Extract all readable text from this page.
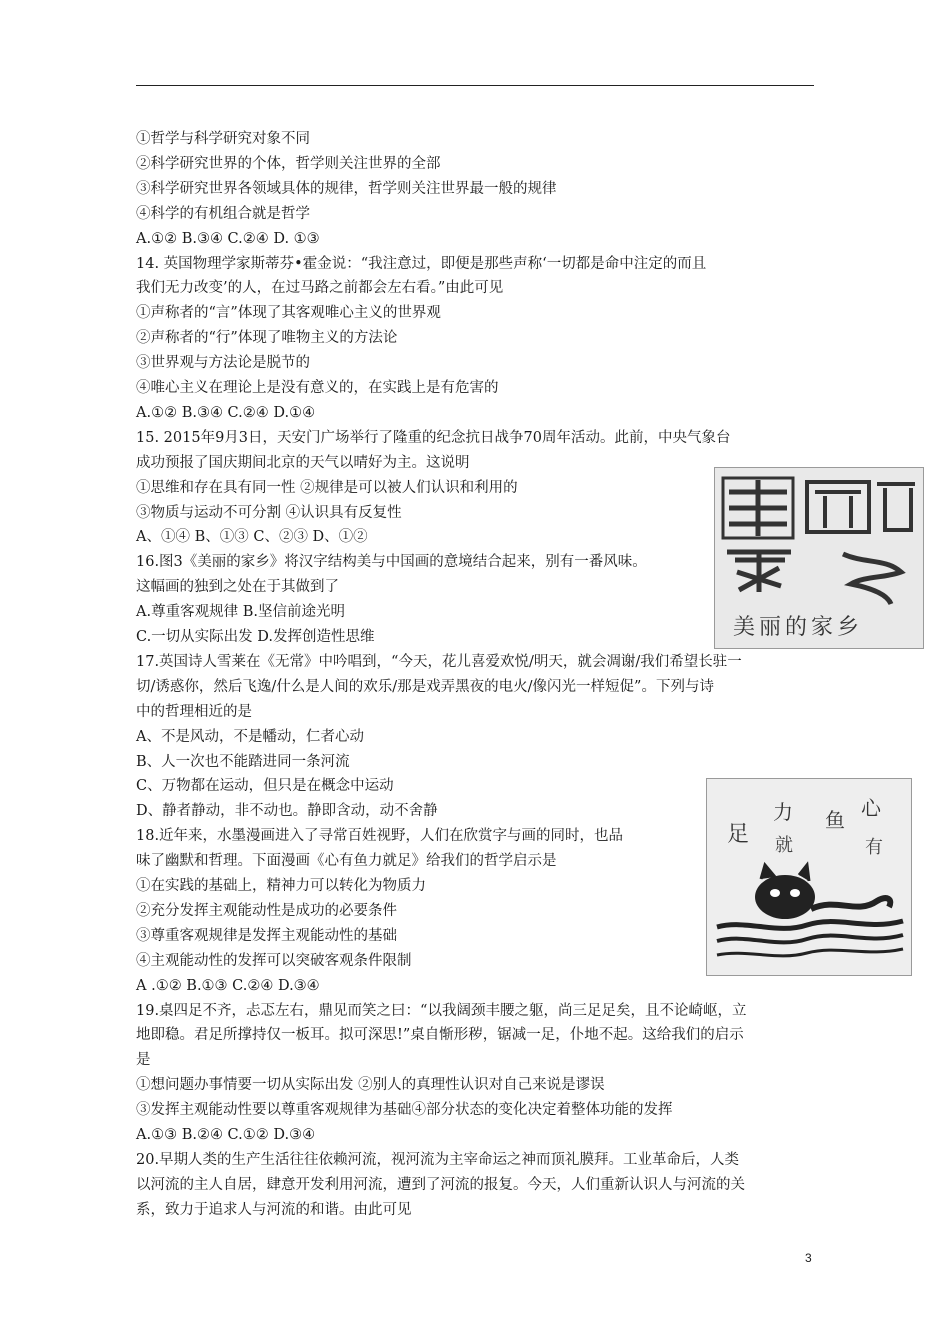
①哲学与科学研究对象不同
②科学研究世界的个体，哲学则关注世界的全部
③科学研究世界各领域具体的规律，哲学则关注世界最一般的规律
④科学的有机组合就是哲学
A.①② B.③④ C.②④ D. ①③
14. 英国物理学家斯蒂芬•霍金说：“我注意过，即便是那些声称‘一切都是命中注定的而且
我们无力改变’的人，在过马路之前都会左右看。”由此可见
①声称者的“言”体现了其客观唯心主义的世界观
②声称者的“行”体现了唯物主义的方法论
③世界观与方法论是脱节的
④唯心主义在理论上是没有意义的，在实践上是有危害的
A.①② B.③④ C.②④ D.①④
15. 2015年9月3日，天安门广场举行了隆重的纪念抗日战争70周年活动。此前，中央气象台
成功预报了国庆期间北京的天气以晴好为主。这说明
①思维和存在具有同一性 ②规律是可以被人们认识和利用的
③物质与运动不可分割 ④认识具有反复性
A、①④ B、①③ C、②③ D、①②
16.图3《美丽的家乡》将汉字结构美与中国画的意境结合起来，别有一番风味。
这幅画的独到之处在于其做到了
A.尊重客观规律 B.坚信前途光明
C.一切从实际出发 D.发挥创造性思维
17.英国诗人雪莱在《无常》中吟唱到，“今天，花儿喜爱欢悦/明天，就会凋谢/我们希望长驻一
切/诱惑你，然后飞逸/什么是人间的欢乐/那是戏弄黑夜的电火/像闪光一样短促”。下列与诗
中的哲理相近的是
A、不是风动，不是幡动，仁者心动
B、人一次也不能踏进同一条河流
C、万物都在运动，但只是在概念中运动
D、静者静动，非不动也。静即含动，动不舍静
18.近年来，水墨漫画进入了寻常百姓视野，人们在欣赏字与画的同时，也品
味了幽默和哲理。下面漫画《心有鱼力就足》给我们的哲学启示是
①在实践的基础上，精神力可以转化为物质力
②充分发挥主观能动性是成功的必要条件
③尊重客观规律是发挥主观能动性的基础
④主观能动性的发挥可以突破客观条件限制
A .①② B.①③ C.②④ D.③④
19.桌四足不齐，忐忑左右，鼎见而笑之曰：“以我阔颈丰腰之躯，尚三足足矣，且不论崎岖，立
地即稳。君足所撑持仅一板耳。拟可深思!”桌自惭形秽，锯减一足，仆地不起。这给我们的启示
是
①想问题办事情要一切从实际出发 ②别人的真理性认识对自己来说是谬误
③发挥主观能动性要以尊重客观规律为基础④部分状态的变化决定着整体功能的发挥
A.①③ B.②④ C.①② D.③④
20.早期人类的生产生活往往依赖河流，视河流为主宰命运之神而顶礼膜拜。工业革命后，人类
以河流的主人自居，肆意开发利用河流，遭到了河流的报复。今天，人们重新认识人与河流的关
系，致力于追求人与河流的和谐。由此可见
美丽的家乡
足
力
就
鱼 心
有
3
